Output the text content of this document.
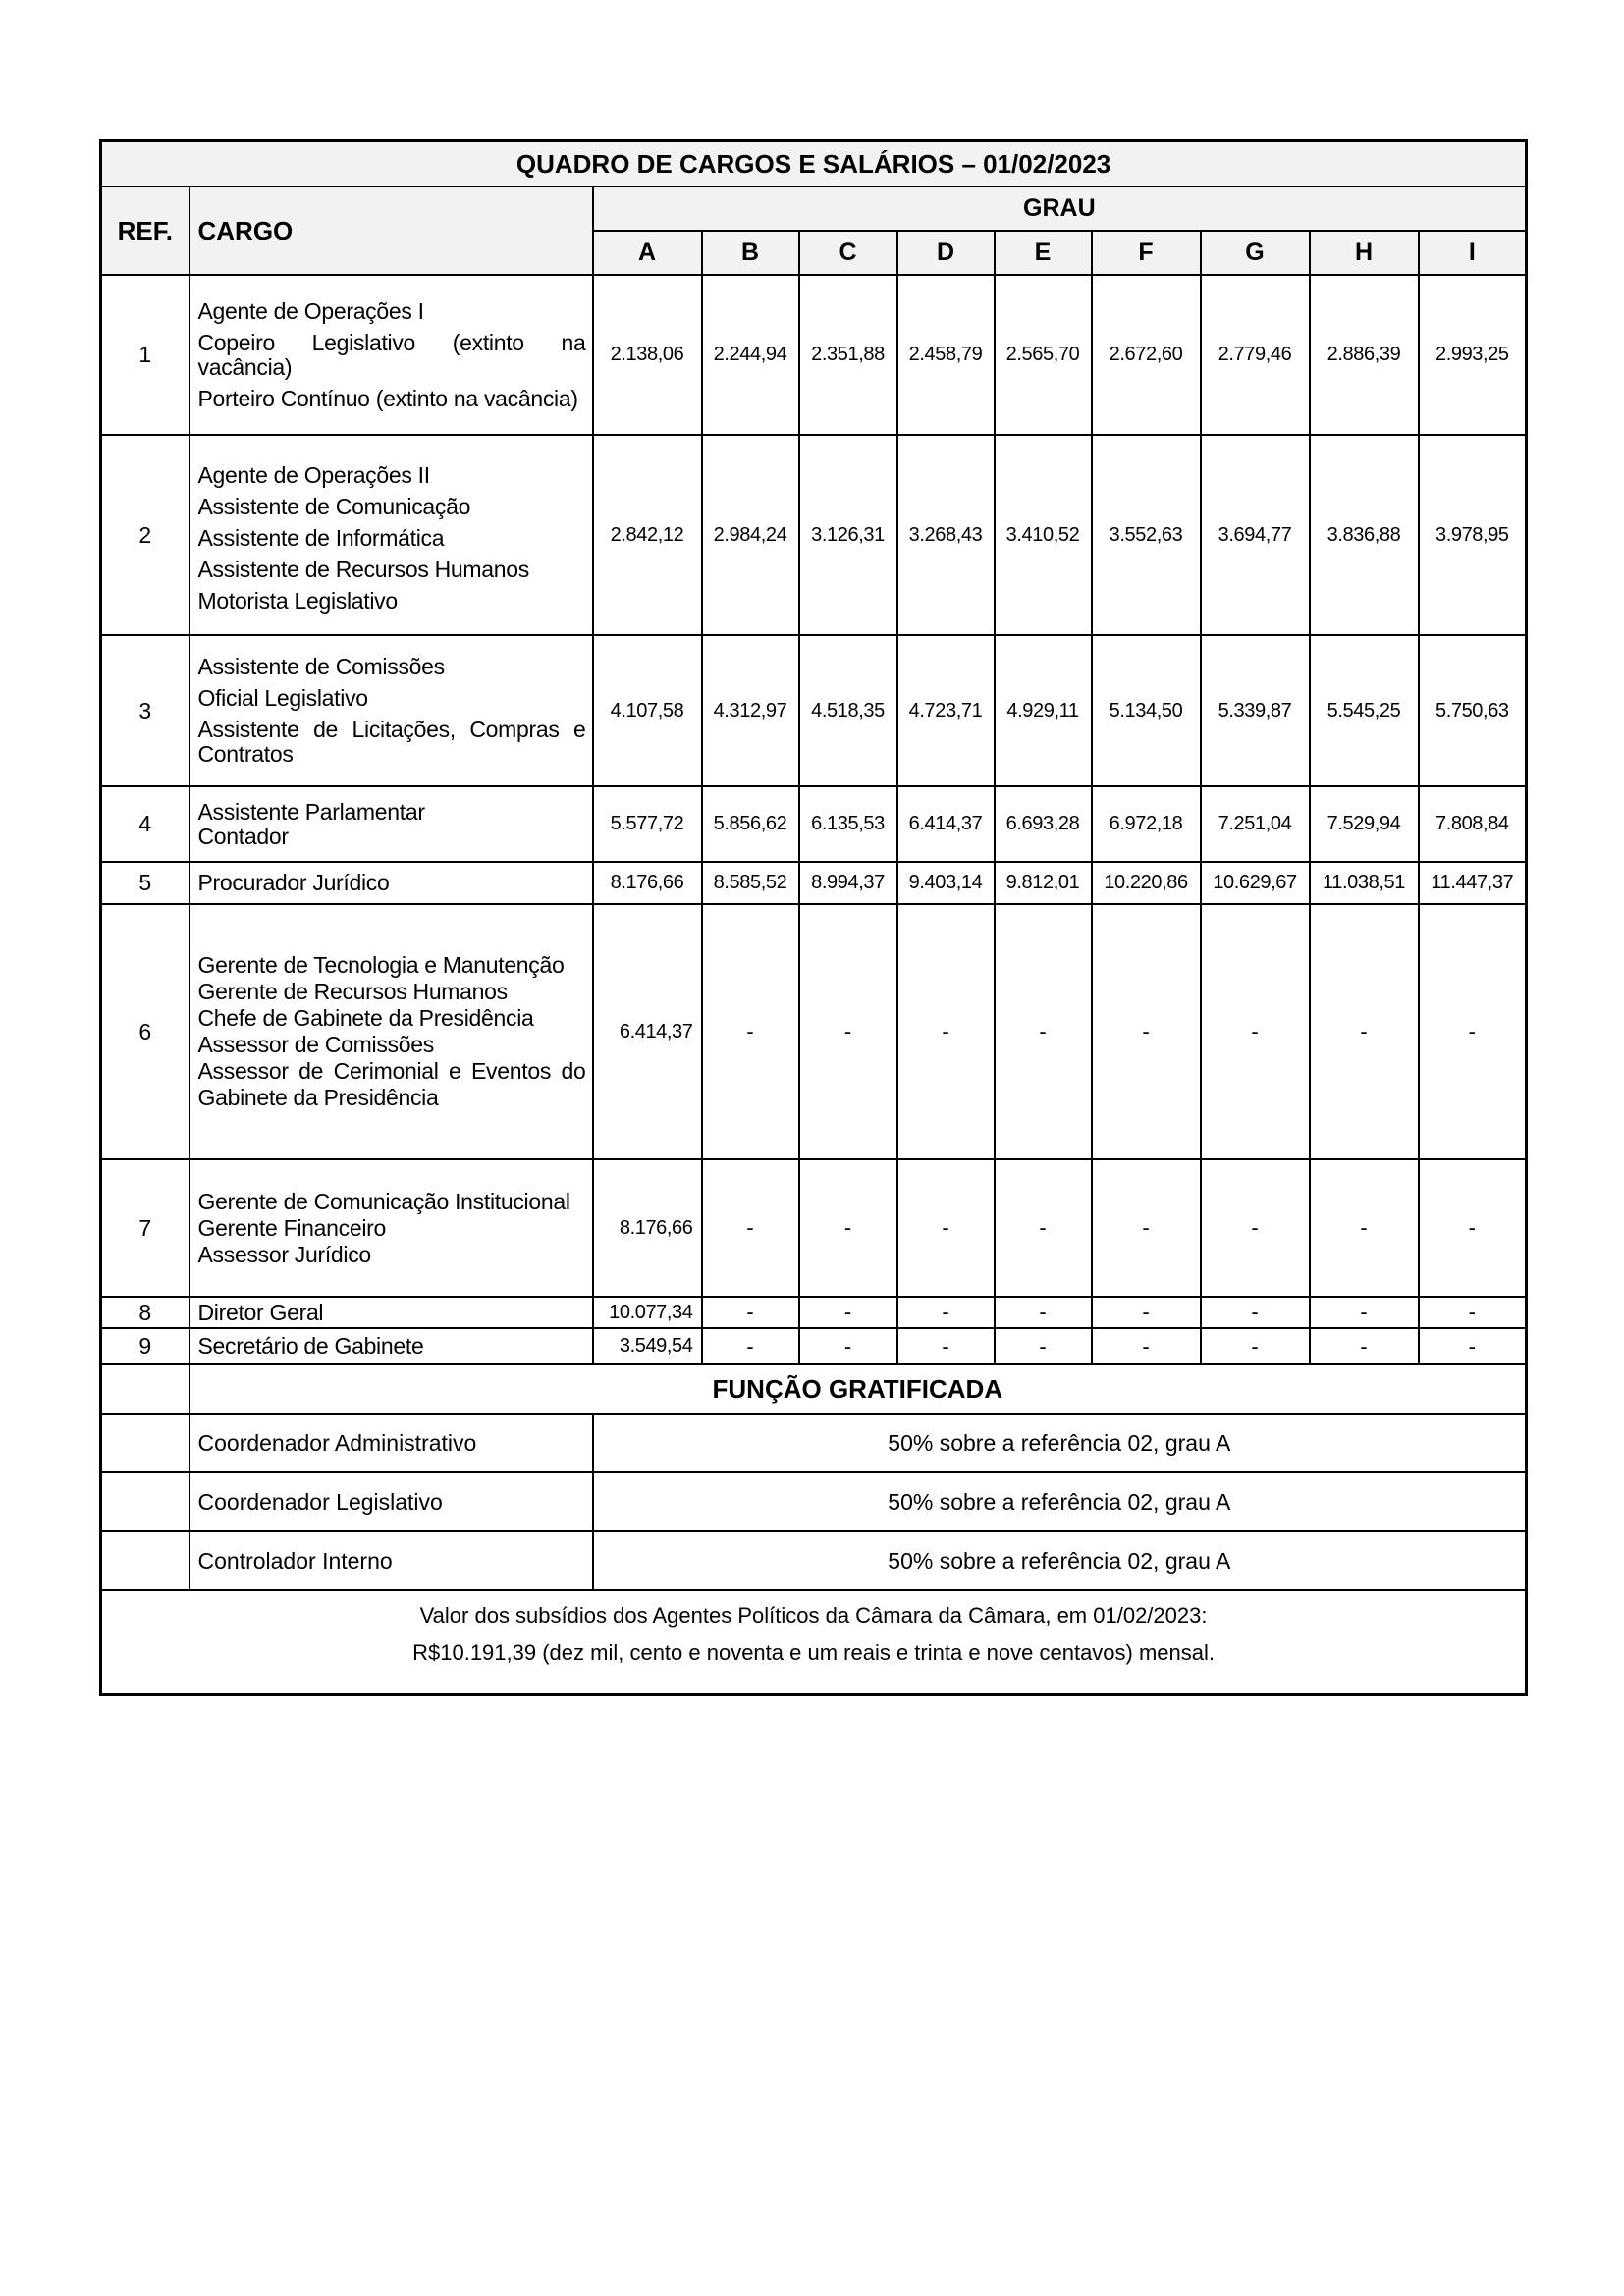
QUADRO DE CARGOS E SALÁRIOS – 01/02/2023										
REF.	CARGO	GRAU								
		A	B	C	D	E	F	G	H	I
1	Agente de Operações I
Copeiro Legislativo (extinto na vacância)
Porteiro Contínuo (extinto na vacância)	2.138,06	2.244,94	2.351,88	2.458,79	2.565,70	2.672,60	2.779,46	2.886,39	2.993,25
2	Agente de Operações II
Assistente de Comunicação
Assistente de Informática
Assistente de Recursos Humanos
Motorista Legislativo	2.842,12	2.984,24	3.126,31	3.268,43	3.410,52	3.552,63	3.694,77	3.836,88	3.978,95
3	Assistente de Comissões
Oficial Legislativo
Assistente de Licitações, Compras e Contratos	4.107,58	4.312,97	4.518,35	4.723,71	4.929,11	5.134,50	5.339,87	5.545,25	5.750,63
4	Assistente Parlamentar
Contador	5.577,72	5.856,62	6.135,53	6.414,37	6.693,28	6.972,18	7.251,04	7.529,94	7.808,84
5	Procurador Jurídico	8.176,66	8.585,52	8.994,37	9.403,14	9.812,01	10.220,86	10.629,67	11.038,51	11.447,37
6	Gerente de Tecnologia e Manutenção
Gerente de Recursos Humanos
Chefe de Gabinete da Presidência
Assessor de Comissões
Assessor de Cerimonial e Eventos do Gabinete da Presidência	6.414,37	-	-	-	-	-	-	-	-
7	Gerente de Comunicação Institucional
Gerente Financeiro
Assessor Jurídico	8.176,66	-	-	-	-	-	-	-	-
8	Diretor Geral	10.077,34	-	-	-	-	-	-	-	-
9	Secretário de Gabinete	3.549,54	-	-	-	-	-	-	-	-
	FUNÇÃO GRATIFICADA									
	Coordenador Administrativo	50% sobre a referência 02, grau A								
	Coordenador Legislativo	50% sobre a referência 02, grau A								
	Controlador Interno	50% sobre a referência 02, grau A								

Valor dos subsídios dos Agentes Políticos da Câmara da Câmara, em 01/02/2023:
R$10.191,39 (dez mil, cento e noventa e um reais e trinta e nove centavos) mensal.										
